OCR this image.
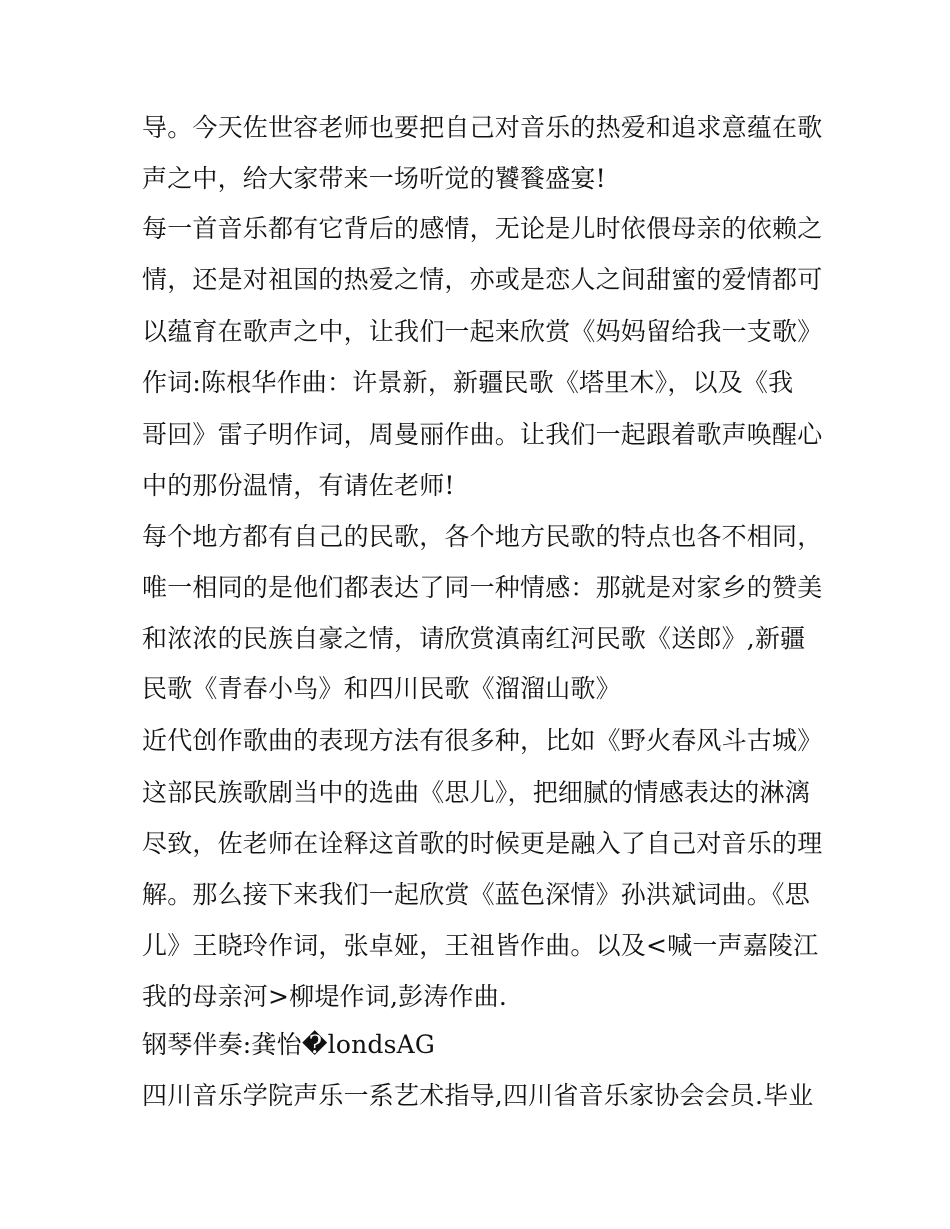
导。今天佐世容老师也要把自己对音乐的热爱和追求意蕴在歌
声之中，给大家带来一场听觉的饕餮盛宴!
每一首音乐都有它背后的感情，无论是儿时依偎母亲的依赖之
情，还是对祖国的热爱之情，亦或是恋人之间甜蜜的爱情都可
以蕴育在歌声之中，让我们一起来欣赏《妈妈留给我一支歌》
作词:陈根华作曲：许景新，新疆民歌《塔里木》，以及《我
哥回》雷子明作词，周曼丽作曲。让我们一起跟着歌声唤醒心
中的那份温情，有请佐老师!
每个地方都有自己的民歌，各个地方民歌的特点也各不相同，
唯一相同的是他们都表达了同一种情感：那就是对家乡的赞美
和浓浓的民族自豪之情，请欣赏滇南红河民歌《送郎》,新疆
民歌《青春小鸟》和四川民歌《溜溜山歌》
近代创作歌曲的表现方法有很多种，比如《野火春风斗古城》
这部民族歌剧当中的选曲《思儿》，把细腻的情感表达的淋漓
尽致，佐老师在诠释这首歌的时候更是融入了自己对音乐的理
解。那么接下来我们一起欣赏《蓝色深情》孙洪斌词曲。《思
儿》王晓玲作词，张卓娅，王祖皆作曲。以及<喊一声嘉陵江
我的母亲河>柳堤作词,彭涛作曲.
钢琴伴奏:龚怡�londsAG
四川音乐学院声乐一系艺术指导,四川省音乐家协会会员.毕业
